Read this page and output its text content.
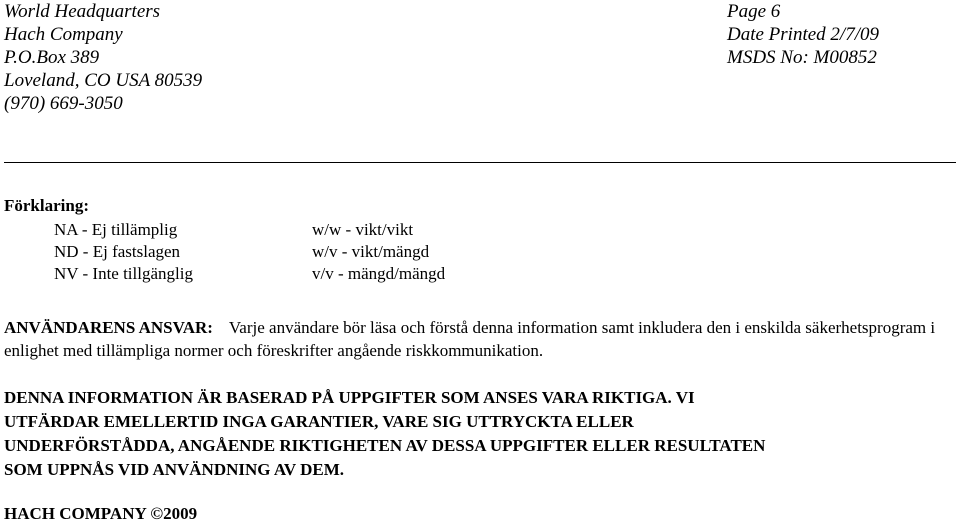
World Headquarters
Hach Company
P.O.Box 389
Loveland, CO USA 80539
(970) 669-3050
Page 6
Date Printed 2/7/09
MSDS No: M00852
Förklaring:
NA - Ej tillämplig
ND - Ej fastslagen
NV - Inte tillgänglig
w/w - vikt/vikt
w/v - vikt/mängd
v/v - mängd/mängd
ANVÄNDARENS ANSVAR: Varje användare bör läsa och förstå denna information samt inkludera den i enskilda säkerhetsprogram i enlighet med tillämpliga normer och föreskrifter angående riskkommunikation.
DENNA INFORMATION ÄR BASERAD PÅ UPPGIFTER SOM ANSES VARA RIKTIGA. VI
UTFÄRDAR EMELLERTID INGA GARANTIER, VARE SIG UTTRYCKTA ELLER
UNDERFÖRSTÅDDA, ANGÅENDE RIKTIGHETEN AV DESSA UPPGIFTER ELLER RESULTATEN
SOM UPPNÅS VID ANVÄNDNING AV DEM.
HACH COMPANY ©2009
